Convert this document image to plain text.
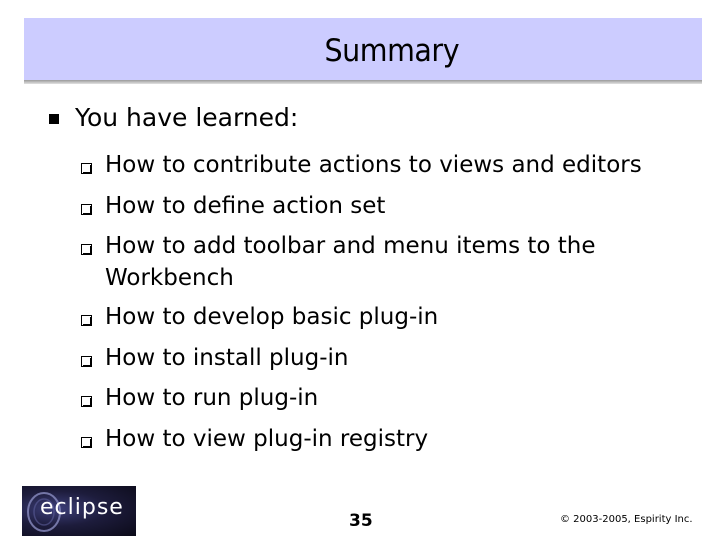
Summary
You have learned:
How to contribute actions to views and editors
How to define action set
How to add toolbar and menu items to the Workbench
How to develop basic plug-in
How to install plug-in
How to run plug-in
How to view plug-in registry
eclipse
35	© 2003-2005, Espirity Inc.
